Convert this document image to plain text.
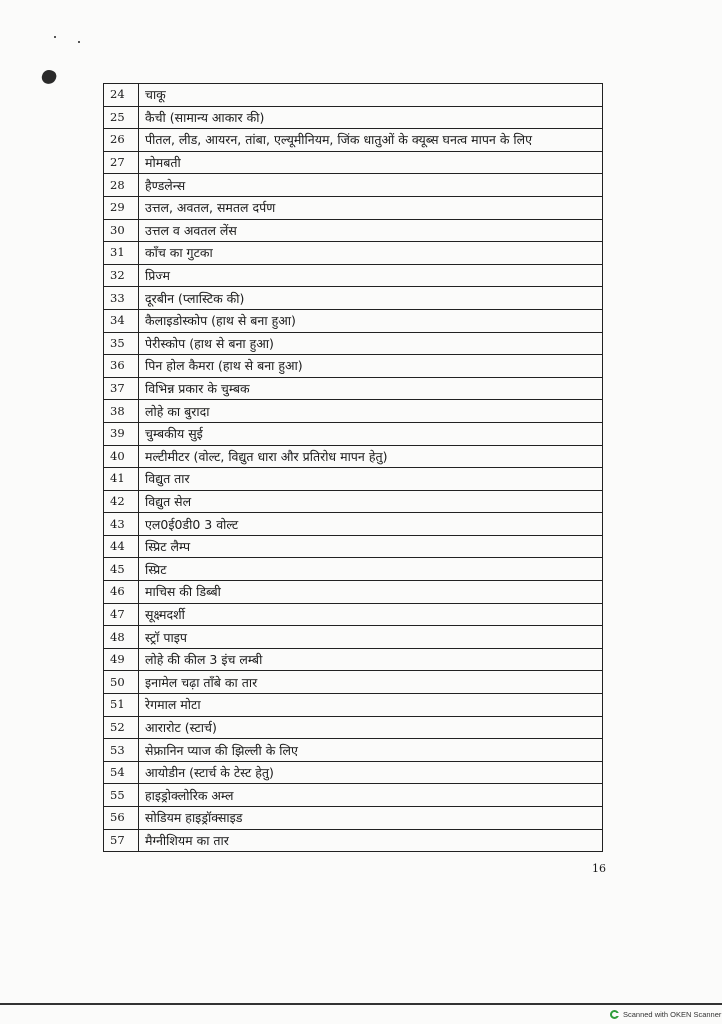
24	चाकू
25	कैची (सामान्य आकार की)
26	पीतल, लीड, आयरन, तांबा, एल्यूमीनियम, जिंक धातुओं के क्यूब्स घनत्व मापन के लिए
27	मोमबती
28	हैण्डलेन्स
29	उत्तल, अवतल, समतल दर्पण
30	उत्तल व अवतल लेंस
31	काँच का गुटका
32	प्रिज्म
33	दूरबीन (प्लास्टिक की)
34	कैलाइडोस्कोप (हाथ से बना हुआ)
35	पेरीस्कोप (हाथ से बना हुआ)
36	पिन होल कैमरा (हाथ से बना हुआ)
37	विभिन्न प्रकार के चुम्बक
38	लोहे का बुरादा
39	चुम्बकीय सुई
40	मल्टीमीटर (वोल्ट, विद्युत धारा और प्रतिरोध मापन हेतु)
41	विद्युत तार
42	विद्युत सेल
43	एल0ई0डी0 3 वोल्ट
44	स्प्रिट लैम्प
45	स्प्रिट
46	माचिस की डिब्बी
47	सूक्ष्मदर्शी
48	स्ट्रॉ पाइप
49	लोहे की कील 3 इंच लम्बी
50	इनामेल चढ़ा ताँबे का तार
51	रेगमाल मोटा
52	आरारोट (स्टार्च)
53	सेफ्रानिन प्याज की झिल्ली के लिए
54	आयोडीन (स्टार्च के टेस्ट हेतु)
55	हाइड्रोक्लोरिक अम्ल
56	सोडियम हाइड्रॉक्साइड
57	मैग्नीशियम का तार
16
Scanned with OKEN Scanner
